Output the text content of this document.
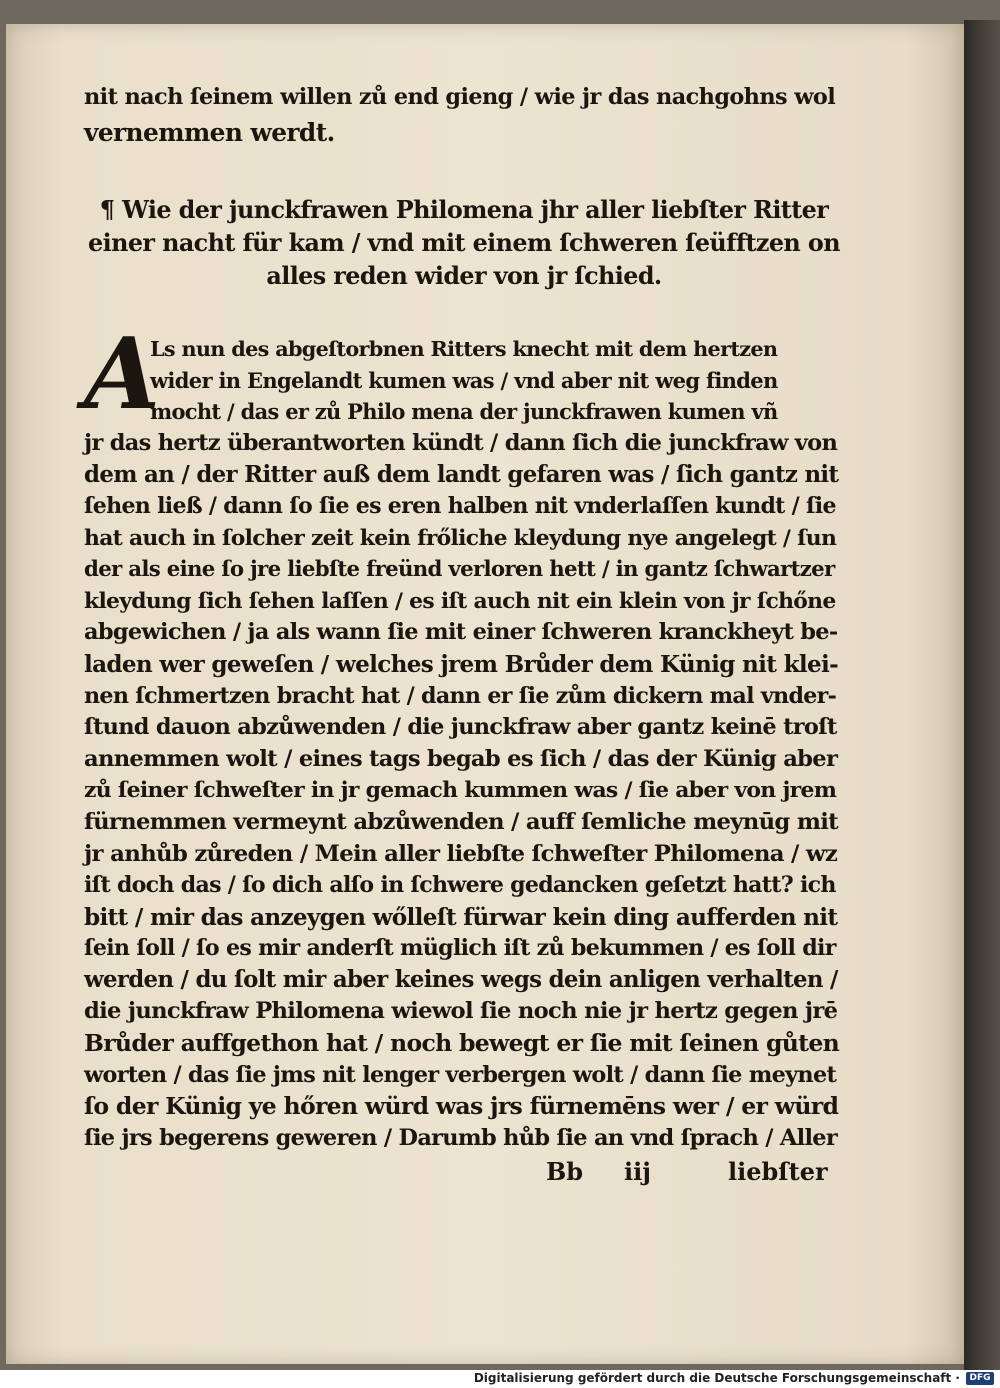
nit nach ſeinem willen zů end gieng / wie jr das nachgohns wol
vernemmen werdt.
¶ Wie der junckfrawen Philomena jhr aller liebſter Ritter
einer nacht für kam / vnd mit einem ſchweren ſeüfftzen on
alles reden wider von jr ſchied.
A
Ls nun des abgeſtorbnen Ritters knecht mit dem hertzen
wider in Engelandt kumen was / vnd aber nit weg finden
mocht / das er zů Philo mena der junckfrawen kumen vñ
jr das hertz überantworten kündt / dann ſich die junckfraw von
dem an / der Ritter auß dem landt gefaren was / ſich gantz nit
ſehen ließ / dann ſo ſie es eren halben nit vnderlaſſen kundt / ſie
hat auch in ſolcher zeit kein frőliche kleydung nye angelegt / ſun
der als eine ſo jre liebſte freünd verloren hett / in gantz ſchwartzer
kleydung ſich ſehen laſſen / es iſt auch nit ein klein von jr ſchőne
abgewichen / ja als wann ſie mit einer ſchweren kranckheyt be-
laden wer geweſen / welches jrem Brůder dem Künig nit klei-
nen ſchmertzen bracht hat / dann er ſie zům dickern mal vnder-
ſtund dauon abzůwenden / die junckfraw aber gantz keinē troſt
annemmen wolt / eines tags begab es ſich / das der Künig aber
zů ſeiner ſchweſter in jr gemach kummen was / ſie aber von jrem
fürnemmen vermeynt abzůwenden / auff ſemliche meynūg mit
jr anhůb zůreden / Mein aller liebſte ſchweſter Philomena / wz
iſt doch das / ſo dich alſo in ſchwere gedancken geſetzt hatt? ich
bitt / mir das anzeygen wőlleſt fürwar kein ding aufferden nit
ſein ſoll / ſo es mir anderſt müglich iſt zů bekummen / es ſoll dir
werden / du ſolt mir aber keines wegs dein anligen verhalten /
die junckfraw Philomena wiewol ſie noch nie jr hertz gegen jrē
Brůder auffgethon hat / noch bewegt er ſie mit ſeinen gůten
worten / das ſie jms nit lenger verbergen wolt / dann ſie meynet
ſo der Künig ye hőren würd was jrs fürnemēns wer / er würd
ſie jrs begerens geweren / Darumb hůb ſie an vnd ſprach / Aller
Bb iij	liebſter
Digitalisierung gefördert durch die Deutsche Forschungsgemeinschaft ·	DFG
